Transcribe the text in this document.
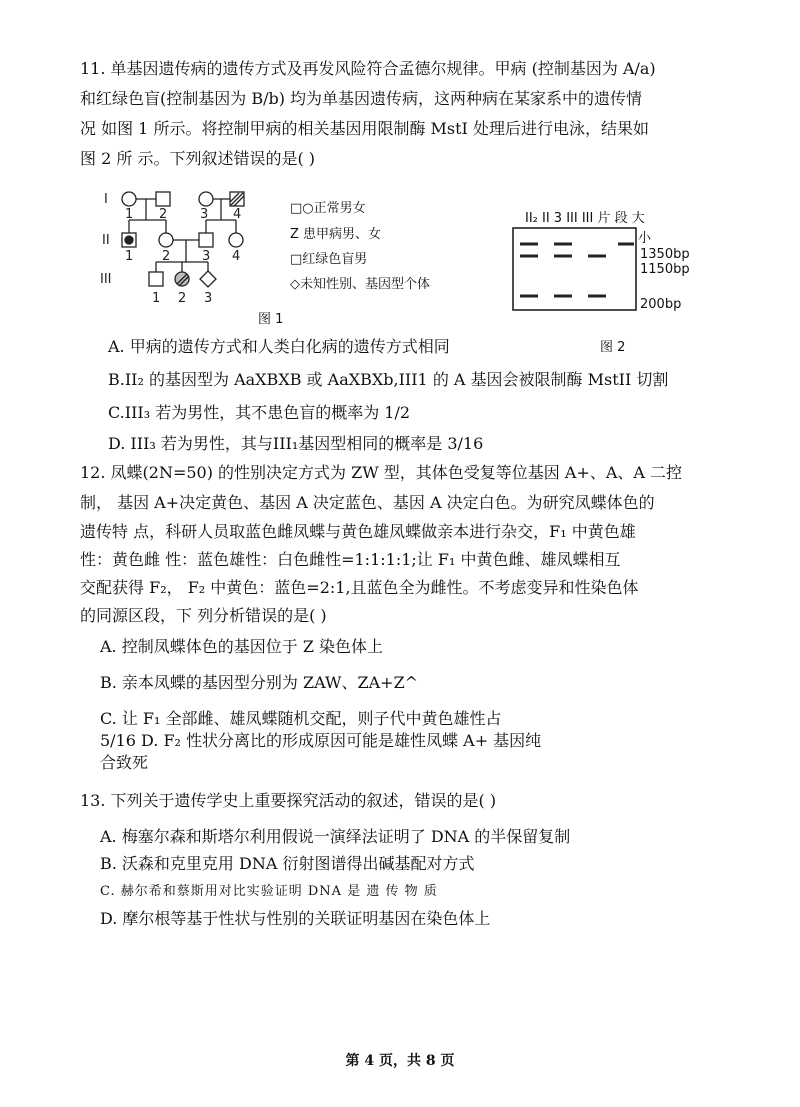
11. 单基因遗传病的遗传方式及再发风险符合孟德尔规律。甲病 (控制基因为 A/a)
和红绿色盲(控制基因为 B/b) 均为单基因遗传病，这两种病在某家系中的遗传情
况 如图 1 所示。将控制甲病的相关基因用限制酶 MstI 处理后进行电泳，结果如
图 2 所 示。下列叙述错误的是( )
I
II
III
1 2	3 4
1 2 3 4
1 2 3
□○正常男女
Z 患甲病男、女
□红绿色盲男
◇未知性别、基因型个体
图 1
II₂ II 3 III III 片 段 大
小
1350bp
1150bp
200bp
图 2
A. 甲病的遗传方式和人类白化病的遗传方式相同
B.II₂ 的基因型为 AaXBXB 或 AaXBXb,III1 的 A 基因会被限制酶 MstII 切割
C.III₃ 若为男性，其不患色盲的概率为 1/2
D. III₃ 若为男性，其与III₁基因型相同的概率是 3/16
12. 凤蝶(2N=50) 的性别决定方式为 ZW 型，其体色受复等位基因 A+、A、A 二控
制， 基因 A+决定黄色、基因 A 决定蓝色、基因 A 决定白色。为研究凤蝶体色的
遗传特 点，科研人员取蓝色雌凤蝶与黄色雄凤蝶做亲本进行杂交，F₁ 中黄色雄
性：黄色雌 性：蓝色雄性：白色雌性=1:1:1:1;让 F₁ 中黄色雌、雄凤蝶相互
交配获得 F₂， F₂ 中黄色：蓝色=2:1,且蓝色全为雌性。不考虑变异和性染色体
的同源区段，下 列分析错误的是( )
A. 控制凤蝶体色的基因位于 Z 染色体上
B. 亲本凤蝶的基因型分别为 ZAW、ZA+Z^
C. 让 F₁ 全部雌、雄凤蝶随机交配，则子代中黄色雄性占
5/16 D. F₂ 性状分离比的形成原因可能是雄性凤蝶 A+ 基因纯
合致死
13. 下列关于遗传学史上重要探究活动的叙述，错误的是( )
A. 梅塞尔森和斯塔尔利用假说一演绎法证明了 DNA 的半保留复制
B. 沃森和克里克用 DNA 衍射图谱得出碱基配对方式
C. 赫尔希和蔡斯用对比实验证明 DNA 是 遗 传 物 质
D. 摩尔根等基于性状与性别的关联证明基因在染色体上
第 4 页，共 8 页
